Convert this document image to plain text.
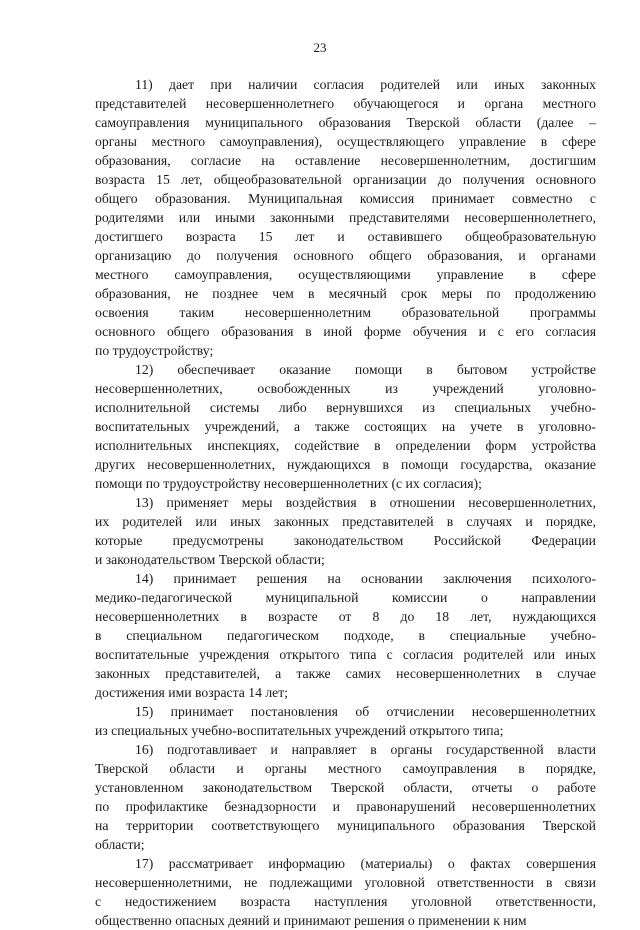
23
11) дает при наличии согласия родителей или иных законных
представителей несовершеннолетнего обучающегося и органа местного
самоуправления муниципального образования Тверской области (далее –
органы местного самоуправления), осуществляющего управление в сфере
образования, согласие на оставление несовершеннолетним, достигшим
возраста 15 лет, общеобразовательной организации до получения основного
общего образования. Муниципальная комиссия принимает совместно с
родителями или иными законными представителями несовершеннолетнего,
достигшего возраста 15 лет и оставившего общеобразовательную
организацию до получения основного общего образования, и органами
местного самоуправления, осуществляющими управление в сфере
образования, не позднее чем в месячный срок меры по продолжению
освоения таким несовершеннолетним образовательной программы
основного общего образования в иной форме обучения и с его согласия
по трудоустройству;
12) обеспечивает оказание помощи в бытовом устройстве
несовершеннолетних, освобожденных из учреждений уголовно-
исполнительной системы либо вернувшихся из специальных учебно-
воспитательных учреждений, а также состоящих на учете в уголовно-
исполнительных инспекциях, содействие в определении форм устройства
других несовершеннолетних, нуждающихся в помощи государства, оказание
помощи по трудоустройству несовершеннолетних (с их согласия);
13) применяет меры воздействия в отношении несовершеннолетних,
их родителей или иных законных представителей в случаях и порядке,
которые предусмотрены законодательством Российской Федерации
и законодательством Тверской области;
14) принимает решения на основании заключения психолого-
медико-педагогической муниципальной комиссии о направлении
несовершеннолетних в возрасте от 8 до 18 лет, нуждающихся
в специальном педагогическом подходе, в специальные учебно-
воспитательные учреждения открытого типа с согласия родителей или иных
законных представителей, а также самих несовершеннолетних в случае
достижения ими возраста 14 лет;
15) принимает постановления об отчислении несовершеннолетних
из специальных учебно-воспитательных учреждений открытого типа;
16) подготавливает и направляет в органы государственной власти
Тверской области и органы местного самоуправления в порядке,
установленном законодательством Тверской области, отчеты о работе
по профилактике безнадзорности и правонарушений несовершеннолетних
на территории соответствующего муниципального образования Тверской
области;
17) рассматривает информацию (материалы) о фактах совершения
несовершеннолетними, не подлежащими уголовной ответственности в связи
с недостижением возраста наступления уголовной ответственности,
общественно опасных деяний и принимают решения о применении к ним
